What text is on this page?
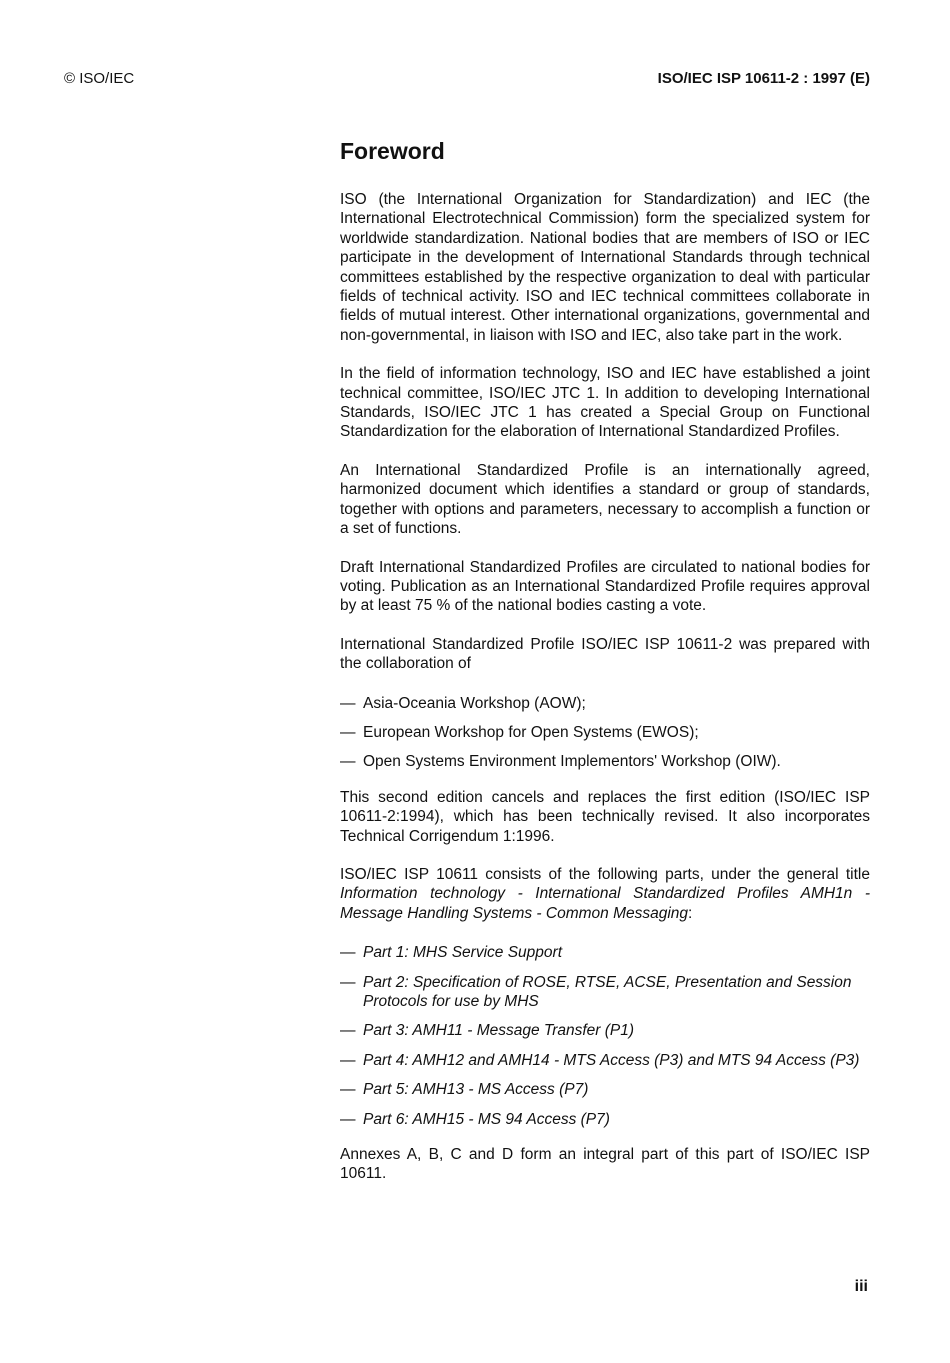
© ISO/IEC	ISO/IEC ISP 10611-2 : 1997 (E)
Foreword

ISO (the International Organization for Standardization) and IEC (the International Electrotechnical Commission) form the specialized system for worldwide standardization. National bodies that are members of ISO or IEC participate in the development of International Standards through technical committees established by the respective organization to deal with particular fields of technical activity. ISO and IEC technical committees collaborate in fields of mutual interest. Other international organizations, governmental and non-governmental, in liaison with ISO and IEC, also take part in the work.

In the field of information technology, ISO and IEC have established a joint technical committee, ISO/IEC JTC 1. In addition to developing International Standards, ISO/IEC JTC 1 has created a Special Group on Functional Standardization for the elaboration of International Standardized Profiles.

An International Standardized Profile is an internationally agreed, harmonized document which identifies a standard or group of standards, together with options and parameters, necessary to accomplish a function or a set of functions.

Draft International Standardized Profiles are circulated to national bodies for voting. Publication as an International Standardized Profile requires approval by at least 75 % of the national bodies casting a vote.

International Standardized Profile ISO/IEC ISP 10611-2 was prepared with the collaboration of

— Asia-Oceania Workshop (AOW);
— European Workshop for Open Systems (EWOS);
— Open Systems Environment Implementors' Workshop (OIW).

This second edition cancels and replaces the first edition (ISO/IEC ISP 10611-2:1994), which has been technically revised. It also incorporates Technical Corrigendum 1:1996.

ISO/IEC ISP 10611 consists of the following parts, under the general title Information technology - International Standardized Profiles AMH1n - Message Handling Systems - Common Messaging:

— Part 1: MHS Service Support
— Part 2: Specification of ROSE, RTSE, ACSE, Presentation and Session Protocols for use by MHS
— Part 3: AMH11 - Message Transfer (P1)
— Part 4: AMH12 and AMH14 - MTS Access (P3) and MTS 94 Access (P3)
— Part 5: AMH13 - MS Access (P7)
— Part 6: AMH15 - MS 94 Access (P7)

Annexes A, B, C and D form an integral part of this part of ISO/IEC ISP 10611.

iii
